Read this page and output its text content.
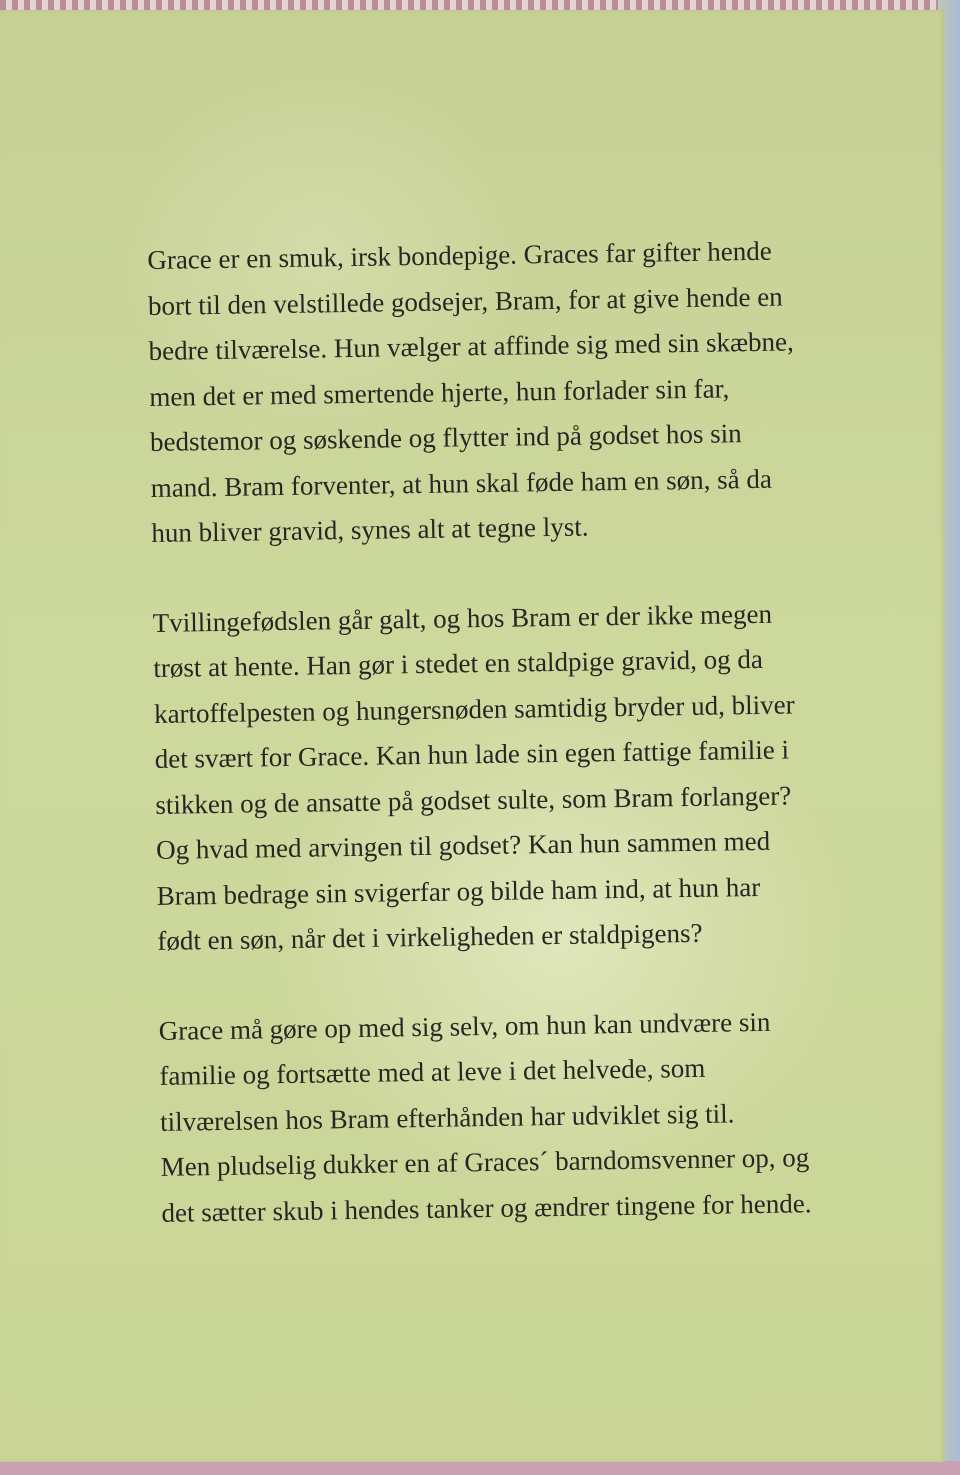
Grace er en smuk, irsk bondepige. Graces far gifter hende
bort til den velstillede godsejer, Bram, for at give hende en
bedre tilværelse. Hun vælger at affinde sig med sin skæbne,
men det er med smertende hjerte, hun forlader sin far,
bedstemor og søskende og flytter ind på godset hos sin
mand. Bram forventer, at hun skal føde ham en søn, så da
hun bliver gravid, synes alt at tegne lyst.

Tvillingefødslen går galt, og hos Bram er der ikke megen
trøst at hente. Han gør i stedet en staldpige gravid, og da
kartoffelpesten og hungersnøden samtidig bryder ud, bliver
det svært for Grace. Kan hun lade sin egen fattige familie i
stikken og de ansatte på godset sulte, som Bram forlanger?
Og hvad med arvingen til godset? Kan hun sammen med
Bram bedrage sin svigerfar og bilde ham ind, at hun har
født en søn, når det i virkeligheden er staldpigens?

Grace må gøre op med sig selv, om hun kan undvære sin
familie og fortsætte med at leve i det helvede, som
tilværelsen hos Bram efterhånden har udviklet sig til.
Men pludselig dukker en af Graces´ barndomsvenner op, og
det sætter skub i hendes tanker og ændrer tingene for hende.
